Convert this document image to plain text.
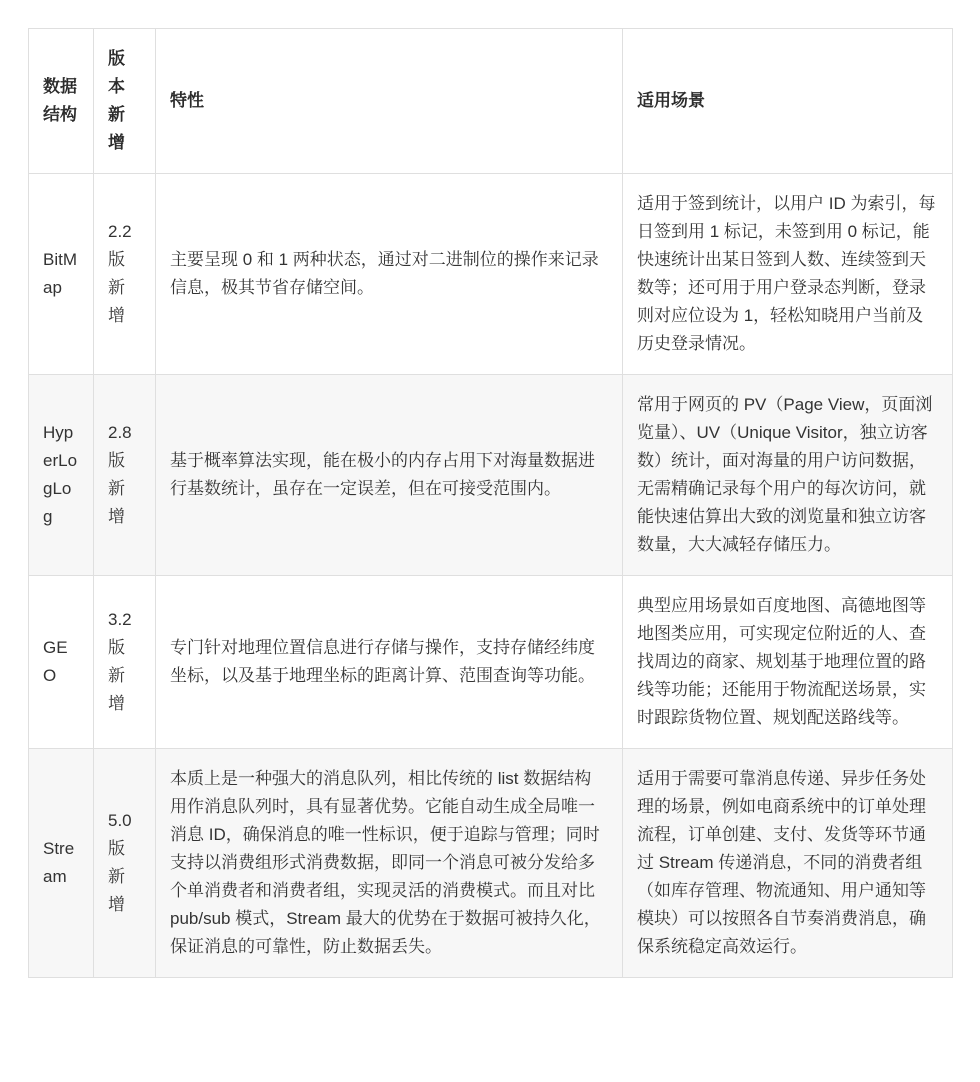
数据结构	版本新增	特性	适用场景
BitMap	2.2版新增	主要呈现 0 和 1 两种状态，通过对二进制位的操作来记录信息，极其节省存储空间。	适用于签到统计，以用户 ID 为索引，每日签到用 1 标记，未签到用 0 标记，能快速统计出某日签到人数、连续签到天数等；还可用于用户登录态判断，登录则对应位设为 1，轻松知晓用户当前及历史登录情况。
HyperLogLog	2.8版新增	基于概率算法实现，能在极小的内存占用下对海量数据进行基数统计，虽存在一定误差，但在可接受范围内。	常用于网页的 PV（Page View，页面浏览量）、UV（Unique Visitor，独立访客数）统计，面对海量的用户访问数据，无需精确记录每个用户的每次访问，就能快速估算出大致的浏览量和独立访客数量，大大减轻存储压力。
GEO	3.2版新增	专门针对地理位置信息进行存储与操作，支持存储经纬度坐标，以及基于地理坐标的距离计算、范围查询等功能。	典型应用场景如百度地图、高德地图等地图类应用，可实现定位附近的人、查找周边的商家、规划基于地理位置的路线等功能；还能用于物流配送场景，实时跟踪货物位置、规划配送路线等。
Stream	5.0版新增	本质上是一种强大的消息队列，相比传统的 list 数据结构用作消息队列时，具有显著优势。它能自动生成全局唯一消息 ID，确保消息的唯一性标识，便于追踪与管理；同时支持以消费组形式消费数据，即同一个消息可被分发给多个单消费者和消费者组，实现灵活的消费模式。而且对比 pub/sub 模式，Stream 最大的优势在于数据可被持久化，保证消息的可靠性，防止数据丢失。	适用于需要可靠消息传递、异步任务处理的场景，例如电商系统中的订单处理流程，订单创建、支付、发货等环节通过 Stream 传递消息，不同的消费者组（如库存管理、物流通知、用户通知等模块）可以按照各自节奏消费消息，确保系统稳定高效运行。
